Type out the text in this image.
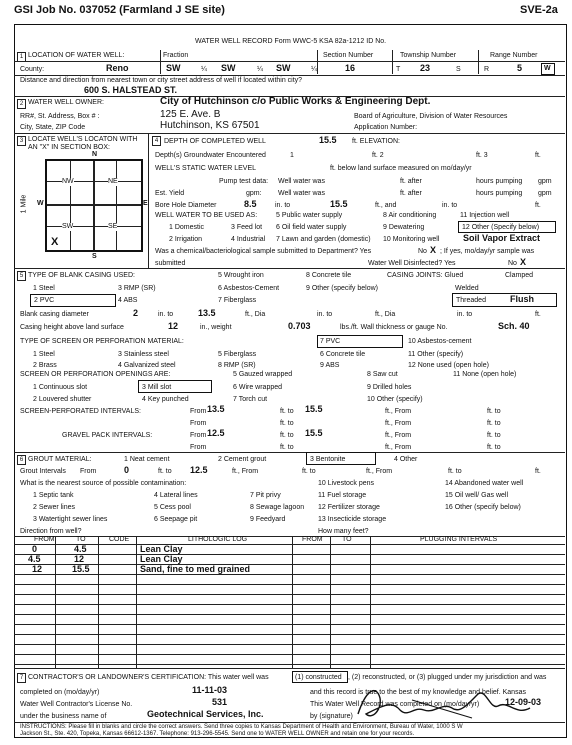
GSI Job No. 037052 (Farmland J SE site)	SVE-2a
WATER WELL RECORD Form WWC-5 KSA 82a-1212 ID No.
1 LOCATION OF WATER WELL:	Fraction	Section Number	Township Number	Range Number
County:	Reno	SW	¼ SW	¼ SW	¼	16	T 23	S	R	5	W
Distance and direction from nearest town or city street address of well if located within city?
600 S. HALSTEAD ST.
2 WATER WELL OWNER:	City of Hutchinson c/o Public Works & Engineering Dept.
RR#, St. Address, Box # :	125 E. Ave. B	Board of Agriculture, Division of Water Resources
City, State, ZIP Code	Hutchinson, KS 67501	Application Number:
3 LOCATE WELL'S LOCATON WITH
AN "X" IN SECTION BOX:
N
NW	NE
SW	SE
W	E
S
1 Mile
X
4 DEPTH OF COMPLETED WELL	15.5 ft. ELEVATION:
Depth(s) Groundwater Encountered	1	ft. 2	ft. 3	ft.
WELL'S STATIC WATER LEVEL	ft. below land surface measured on mo/day/yr
Pump test data: Well water was	ft. after	hours pumping gpm
Est. Yield	gpm: Well water was	ft. after	hours pumping gpm
Bore Hole Diameter	8.5	in. to	15.5	ft., and	in. to	ft.
WELL WATER TO BE USED AS:	5 Public water supply	8 Air conditioning	11 Injection well
1 Domestic	3 Feed lot 6 Oil field water supply	9 Dewatering	12 Other (Specify below)
2 Irrigation	4 Industrial 7 Lawn and garden (domestic) 10 Monitoring well	Soil Vapor Extract
Was a chemical/bacteriological sample submitted to Department? Yes	No X ; If yes, mo/day/yr sample was
submitted	Water Well Disinfected? Yes	No X
5 TYPE OF BLANK CASING USED:	5 Wrought iron	8 Concrete tile	CASING JOINTS: Glued	Clamped
1 Steel	3 RMP (SR)	6 Asbestos-Cement	9 Other (specify below)	Welded
2 PVC	4 ABS	7 Fiberglass	Threaded	Flush
Blank casing diameter	2	in. to	13.5	ft., Dia	in. to	ft., Dia	in. to	ft.
Casing height above land surface	12	in., weight	0.703	lbs./ft. Wall thickness or gauge No.	Sch. 40
TYPE OF SCREEN OR PERFORATION MATERIAL:	7 PVC	10 Asbestos-cement
1 Steel	3 Stainless steel	5 Fiberglass	6 Concrete tile	11 Other (specify)
2 Brass	4 Galvanized steel	8 RMP (SR)	9 ABS	12 None used (open hole)
SCREEN OR PERFORATION OPENINGS ARE:	5 Gauzed wrapped	8 Saw cut	11 None (open hole)
1 Continuous slot	3 Mill slot	6 Wire wrapped	9 Drilled holes
2 Louvered shutter	4 Key punched	7 Torch cut	10 Other (specify)
SCREEN-PERFORATED INTERVALS:	From 13.5	ft. to 15.5	ft., From	ft. to
From	ft. to	ft., From	ft. to
GRAVEL PACK INTERVALS:	From 12.5	ft. to 15.5	ft., From	ft. to
From	ft. to	ft., From	ft. to
6 GROUT MATERIAL:	1 Neat cement	2 Cement grout	3 Bentonite	4 Other
Grout Intervals From	0	ft. to 12.5	ft., From	ft. to	ft., From	ft. to	ft.
What is the nearest source of possible contamination:	10 Livestock pens	14 Abandoned water well
1 Septic tank	4 Lateral lines	7 Pit privy	11 Fuel storage	15 Oil well/ Gas well
2 Sewer lines	5 Cess pool	8 Sewage lagoon 12 Fertilizer storage	16 Other (specify below)
3 Watertight sewer lines	6 Seepage pit	9 Feedyard	13 Insecticide storage
Direction from well?	How many feet?
FROM	TO	CODE	LITHOLOGIC LOG	FROM	TO	PLUGGING INTERVALS
0	4.5	Lean Clay
4.5	12	Lean Clay
12	15.5	Sand, fine to med grained
7 CONTRACTOR'S OR LANDOWNER'S CERTIFICATION: This water well was	(1) constructed , (2) reconstructed, or (3) plugged under my jurisdiction and was
completed on (mo/day/yr)	11-11-03	and this record is true to the best of my knowledge and belief. Kansas
Water Well Contractor's License No.	531	This Water Well Record was completed on (mo/day/yr)	12-09-03
under the business name of	Geotechnical Services, Inc.	by (signature)
INSTRUCTIONS: Please fill in blanks and circle the correct answers. Send three copies to Kansas Department of Health and Environment, Bureau of Water, 1000 S W
Jackson St., Ste. 420, Topeka, Kansas 66612-1367. Telephone: 913-296-5545. Send one to WATER WELL OWNER and retain one for your records.
